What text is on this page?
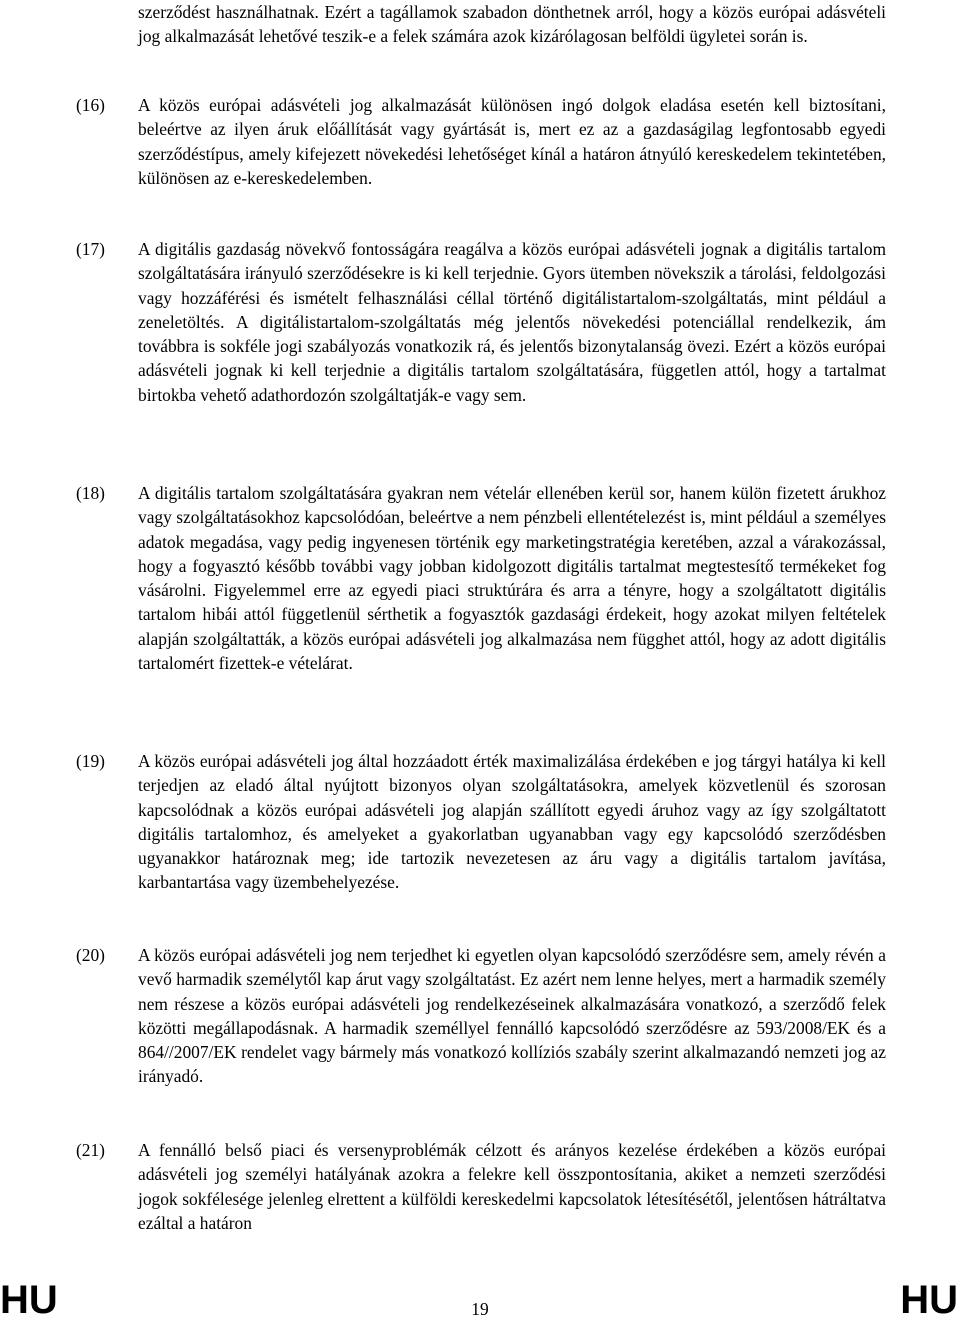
szerződést használhatnak. Ezért a tagállamok szabadon dönthetnek arról, hogy a közös európai adásvételi jog alkalmazását lehetővé teszik-e a felek számára azok kizárólagosan belföldi ügyletei során is.
(16) A közös európai adásvételi jog alkalmazását különösen ingó dolgok eladása esetén kell biztosítani, beleértve az ilyen áruk előállítását vagy gyártását is, mert ez az a gazdaságilag legfontosabb egyedi szerződéstípus, amely kifejezett növekedési lehetőséget kínál a határon átnyúló kereskedelem tekintetében, különösen az e-kereskedelemben.
(17) A digitális gazdaság növekvő fontosságára reagálva a közös európai adásvételi jognak a digitális tartalom szolgáltatására irányuló szerződésekre is ki kell terjednie. Gyors ütemben növekszik a tárolási, feldolgozási vagy hozzáférési és ismételt felhasználási céllal történő digitálistartalom-szolgáltatás, mint például a zeneletöltés. A digitálistartalom-szolgáltatás még jelentős növekedési potenciállal rendelkezik, ám továbbra is sokféle jogi szabályozás vonatkozik rá, és jelentős bizonytalanság övezi. Ezért a közös európai adásvételi jognak ki kell terjednie a digitális tartalom szolgáltatására, független attól, hogy a tartalmat birtokba vehető adathordozón szolgáltatják-e vagy sem.
(18) A digitális tartalom szolgáltatására gyakran nem vételár ellenében kerül sor, hanem külön fizetett árukhoz vagy szolgáltatásokhoz kapcsolódóan, beleértve a nem pénzbeli ellentételezést is, mint például a személyes adatok megadása, vagy pedig ingyenesen történik egy marketingstratégia keretében, azzal a várakozással, hogy a fogyasztó később további vagy jobban kidolgozott digitális tartalmat megtestesítő termékeket fog vásárolni. Figyelemmel erre az egyedi piaci struktúrára és arra a tényre, hogy a szolgáltatott digitális tartalom hibái attól függetlenül sérthetik a fogyasztók gazdasági érdekeit, hogy azokat milyen feltételek alapján szolgáltatták, a közös európai adásvételi jog alkalmazása nem függhet attól, hogy az adott digitális tartalomért fizettek-e vételárat.
(19) A közös európai adásvételi jog által hozzáadott érték maximalizálása érdekében e jog tárgyi hatálya ki kell terjedjen az eladó által nyújtott bizonyos olyan szolgáltatásokra, amelyek közvetlenül és szorosan kapcsolódnak a közös európai adásvételi jog alapján szállított egyedi áruhoz vagy az így szolgáltatott digitális tartalomhoz, és amelyeket a gyakorlatban ugyanabban vagy egy kapcsolódó szerződésben ugyanakkor határoznak meg; ide tartozik nevezetesen az áru vagy a digitális tartalom javítása, karbantartása vagy üzembehelyezése.
(20) A közös európai adásvételi jog nem terjedhet ki egyetlen olyan kapcsolódó szerződésre sem, amely révén a vevő harmadik személytől kap árut vagy szolgáltatást. Ez azért nem lenne helyes, mert a harmadik személy nem részese a közös európai adásvételi jog rendelkezéseinek alkalmazására vonatkozó, a szerződő felek közötti megállapodásnak. A harmadik személlyel fennálló kapcsolódó szerződésre az 593/2008/EK és a 864//2007/EK rendelet vagy bármely más vonatkozó kollíziós szabály szerint alkalmazandó nemzeti jog az irányadó.
(21) A fennálló belső piaci és versenyproblémák célzott és arányos kezelése érdekében a közös európai adásvételi jog személyi hatályának azokra a felekre kell összpontosítania, akiket a nemzeti szerződési jogok sokfélesége jelenleg elrettent a külföldi kereskedelmi kapcsolatok létesítésétől, jelentősen hátráltatva ezáltal a határon
HU	19	HU
